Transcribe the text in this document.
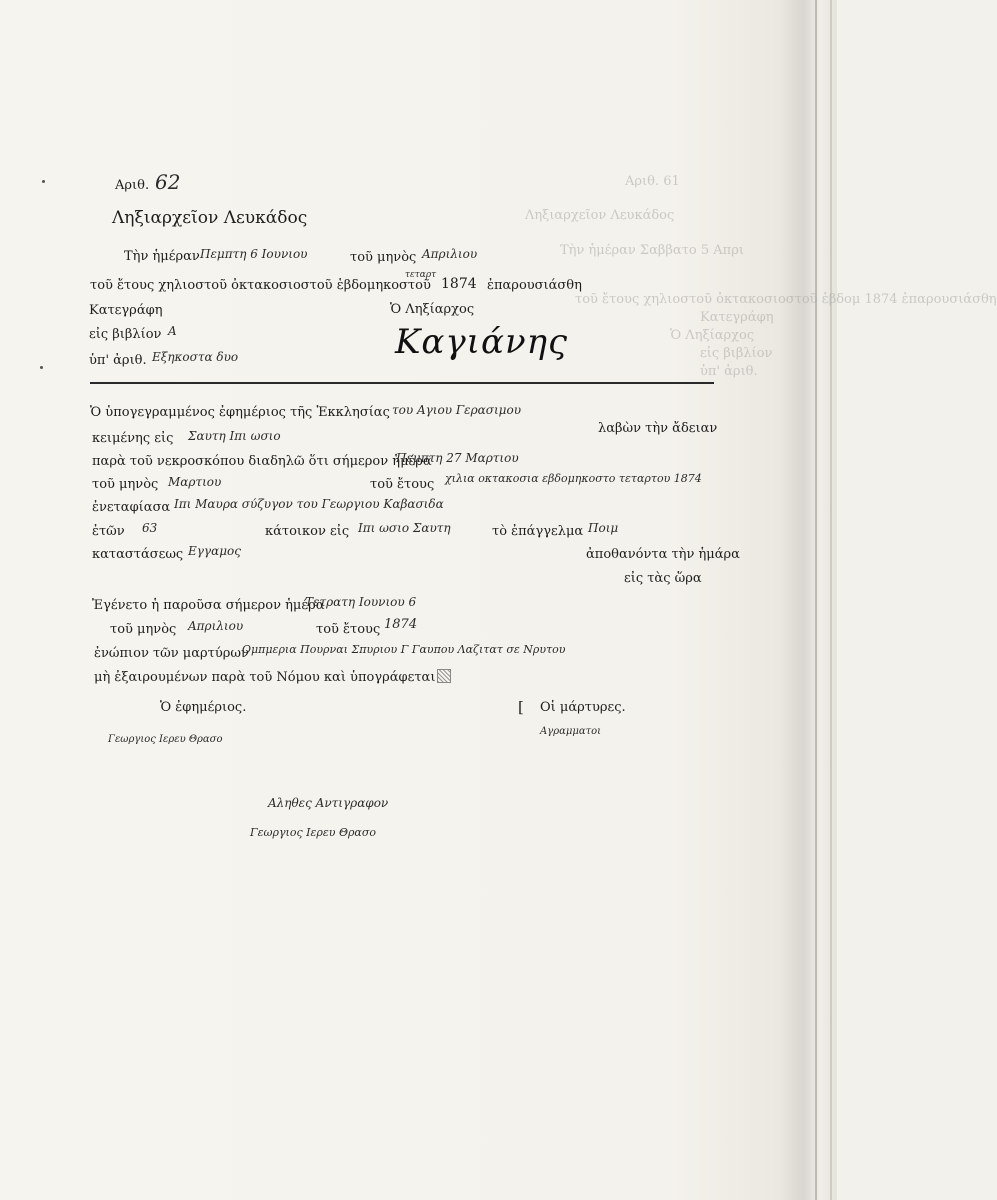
Αριθ. 61
Ληξιαρχεῖον Λευκάδος
Τὴν ἡμέραν Σαββατο 5 Απρι
τοῦ ἔτους χηλιοστοῦ ὀκτακοσιοστοῦ ἑβδομ 1874 ἐπαρουσιάσθη
Κατεγράφη
Ὁ Ληξίαρχος
εἰς βιβλίον
ὑπ' ἀριθ.
Αριθ. 62
Ληξιαρχεῖον Λευκάδος
Τὴν ἡμέραν Πεμπτη 6 Ιουνιου	τοῦ μηνὸς Απριλιου
τοῦ ἔτους χηλιοστοῦ ὀκτακοσιοστοῦ ἑβδομηκοστοῦ
τεταρτ
1874 ἐπαρουσιάσθη
Κατεγράφη	Ὁ Ληξίαρχος
εἰς βιβλίον Α
ὑπ' ἀριθ. Εξηκοστα δυο	Καγιάνης
Ὁ ὑπογεγραμμένος ἐφημέριος τῆς Ἐκκλησίας του Αγιου Γερασιμου
κειμένης εἰς Σαυτη Ιπι ωσιο	λαβὼν τὴν ἄδειαν
παρὰ τοῦ νεκροσκόπου διαδηλῶ ὅτι σήμερον ἡμέρα
Πεμπτη 27 Μαρτιου
τοῦ μηνὸς Μαρτιου	τοῦ ἔτους χιλια οκτακοσια εβδομηκοστο τεταρτου 1874
ἐνεταφίασα Ιπι Μαυρα σύζυγον του Γεωργιου Καβασιδα
ἐτῶν 63	κάτοικον εἰς Ιπι ωσιο Σαυτη	τὸ ἐπάγγελμα Ποιμ
καταστάσεως Εγγαμος	ἀποθανόντα τὴν ἡμάρα
εἰς τὰς ὥρα
Ἐγένετο ἡ παροῦσα σήμερον ἡμέρα
Τετρατη Ιουνιου 6
τοῦ μηνὸς Απριλιου	τοῦ ἔτους 1874
ἐνώπιον τῶν μαρτύρων
Ομπμερια Πουρναι Σπυριου Γ Γαυπου Λαζιτατ σε Νρυτου
μὴ ἐξαιρουμένων παρὰ τοῦ Νόμου καὶ ὑπογράφεται
Ὁ ἐφημέριος.	[ Οἱ μάρτυρες.
Γεωργιος Ιερευ Θρασο
Αγραμματοι
Αληθες Αντιγραφον
Γεωργιος Ιερευ Θρασο
